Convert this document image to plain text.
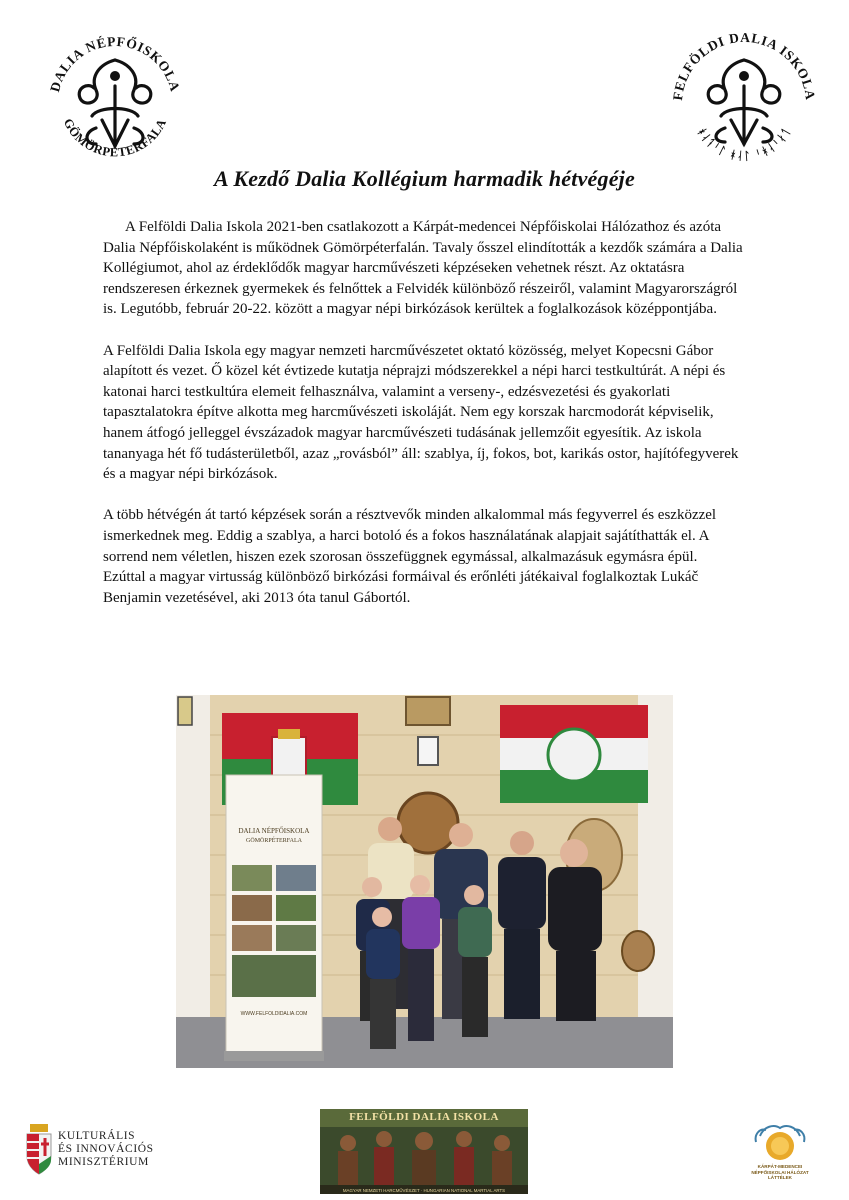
DALIA NÉPFŐISKOLA
GÖMÖRPÉTERFALA
FELFÖLDI DALIA ISKOLA
ᚼᛆᛑᛌᛚ ᚼᛆᛚ ᛌᚼᛆᛌᛅᛐ
A Kezdő Dalia Kollégium harmadik hétvégéje

A Felföldi Dalia Iskola 2021-ben csatlakozott a Kárpát-medencei Népfőiskolai Hálózathoz és azóta Dalia Népfőiskolaként is működnek Gömörpéterfalán. Tavaly ősszel elindították a kezdők számára a Dalia Kollégiumot, ahol az érdeklődők magyar harcművészeti képzéseken vehetnek részt. Az oktatásra rendszeresen érkeznek gyermekek és felnőttek a Felvidék különböző részeiről, valamint Magyarországról is. Legutóbb, február 20-22. között a magyar népi birkózások kerültek a foglalkozások középpontjába.

A Felföldi Dalia Iskola egy magyar nemzeti harcművészetet oktató közösség, melyet Kopecsni Gábor alapított és vezet. Ő közel két évtizede kutatja néprajzi módszerekkel a népi harci testkultúrát. A népi és katonai harci testkultúra elemeit felhasználva, valamint a verseny-, edzésvezetési és gyakorlati tapasztalatokra építve alkotta meg harcművészeti iskoláját. Nem egy korszak harcmodorát képviselik, hanem átfogó jelleggel évszázadok magyar harcművészeti tudásának jellemzőit egyesítik. Az iskola tananyaga hét fő tudásterületből, azaz „rovásból” áll: szablya, íj, fokos, bot, karikás ostor, hajítófegyverek és a magyar népi birkózások.

A több hétvégén át tartó képzések során a résztvevők minden alkalommal más fegyverrel és eszközzel ismerkednek meg. Eddig a szablya, a harci botoló és a fokos használatának alapjait sajátíthatták el. A sorrend nem véletlen, hiszen ezek szorosan összefüggnek egymással, alkalmazásuk egymásra épül.

Ezúttal a magyar virtusság különböző birkózási formáival és erőnléti játékaival foglalkoztak Lukáč Benjamin vezetésével, aki 2013 óta tanul Gábortól.

DALIA NÉPFŐISKOLA
GÖMÖRPÉTERFALA
WWW.FELFOLDIDALIA.COM
KULTURÁLIS
ÉS INNOVÁCIÓS
MINISZTÉRIUM
MAGYAR NEMZETI HARCMŰVÉSZET · HUNGARIAN NATIONAL MARTIAL ARTS
FELFÖLDI DALIA ISKOLA
KÁRPÁT-MEDENCEI
NÉPFŐISKOLAI HÁLÓZAT
LÁTTÉLEK
